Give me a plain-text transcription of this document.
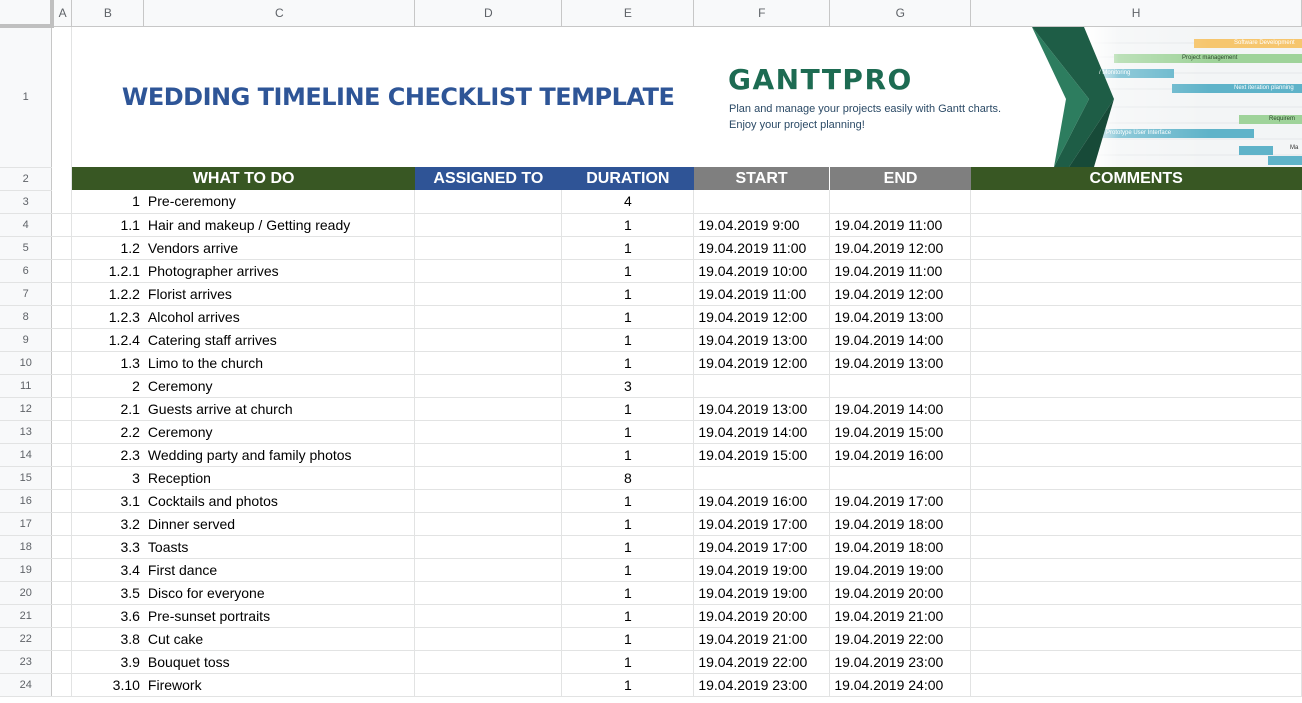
	A	B	C	D	E	F	G	H
1		WEDDING TIMELINE CHECKLIST TEMPLATE						
2		WHAT TO DO		ASSIGNED TO	DURATION	START	END	COMMENTS
3		1	Pre-ceremony		4			
4		1.1	Hair and makeup / Getting ready		1	19.04.2019 9:00	19.04.2019 11:00	
5		1.2	Vendors arrive		1	19.04.2019 11:00	19.04.2019 12:00	
6		1.2.1	Photographer arrives		1	19.04.2019 10:00	19.04.2019 11:00	
7		1.2.2	Florist arrives		1	19.04.2019 11:00	19.04.2019 12:00	
8		1.2.3	Alcohol arrives		1	19.04.2019 12:00	19.04.2019 13:00	
9		1.2.4	Catering staff arrives		1	19.04.2019 13:00	19.04.2019 14:00	
10		1.3	Limo to the church		1	19.04.2019 12:00	19.04.2019 13:00	
11		2	Ceremony		3			
12		2.1	Guests arrive at church		1	19.04.2019 13:00	19.04.2019 14:00	
13		2.2	Ceremony		1	19.04.2019 14:00	19.04.2019 15:00	
14		2.3	Wedding party and family photos		1	19.04.2019 15:00	19.04.2019 16:00	
15		3	Reception		8			
16		3.1	Cocktails and photos		1	19.04.2019 16:00	19.04.2019 17:00	
17		3.2	Dinner served		1	19.04.2019 17:00	19.04.2019 18:00	
18		3.3	Toasts		1	19.04.2019 17:00	19.04.2019 18:00	
19		3.4	First dance		1	19.04.2019 19:00	19.04.2019 19:00	
20		3.5	Disco for everyone		1	19.04.2019 19:00	19.04.2019 20:00	
21		3.6	Pre-sunset portraits		1	19.04.2019 20:00	19.04.2019 21:00	
22		3.8	Cut cake		1	19.04.2019 21:00	19.04.2019 22:00	
23		3.9	Bouquet toss		1	19.04.2019 22:00	19.04.2019 23:00	
24		3.10	Firework		1	19.04.2019 23:00	19.04.2019 24:00	
Software Development
Project management
/ Monitoring
Next iteration planning
Requirem
Prototype User Interface
Ma
GANTTPRO
Plan and manage your projects easily with Gantt charts.
Enjoy your project planning!
